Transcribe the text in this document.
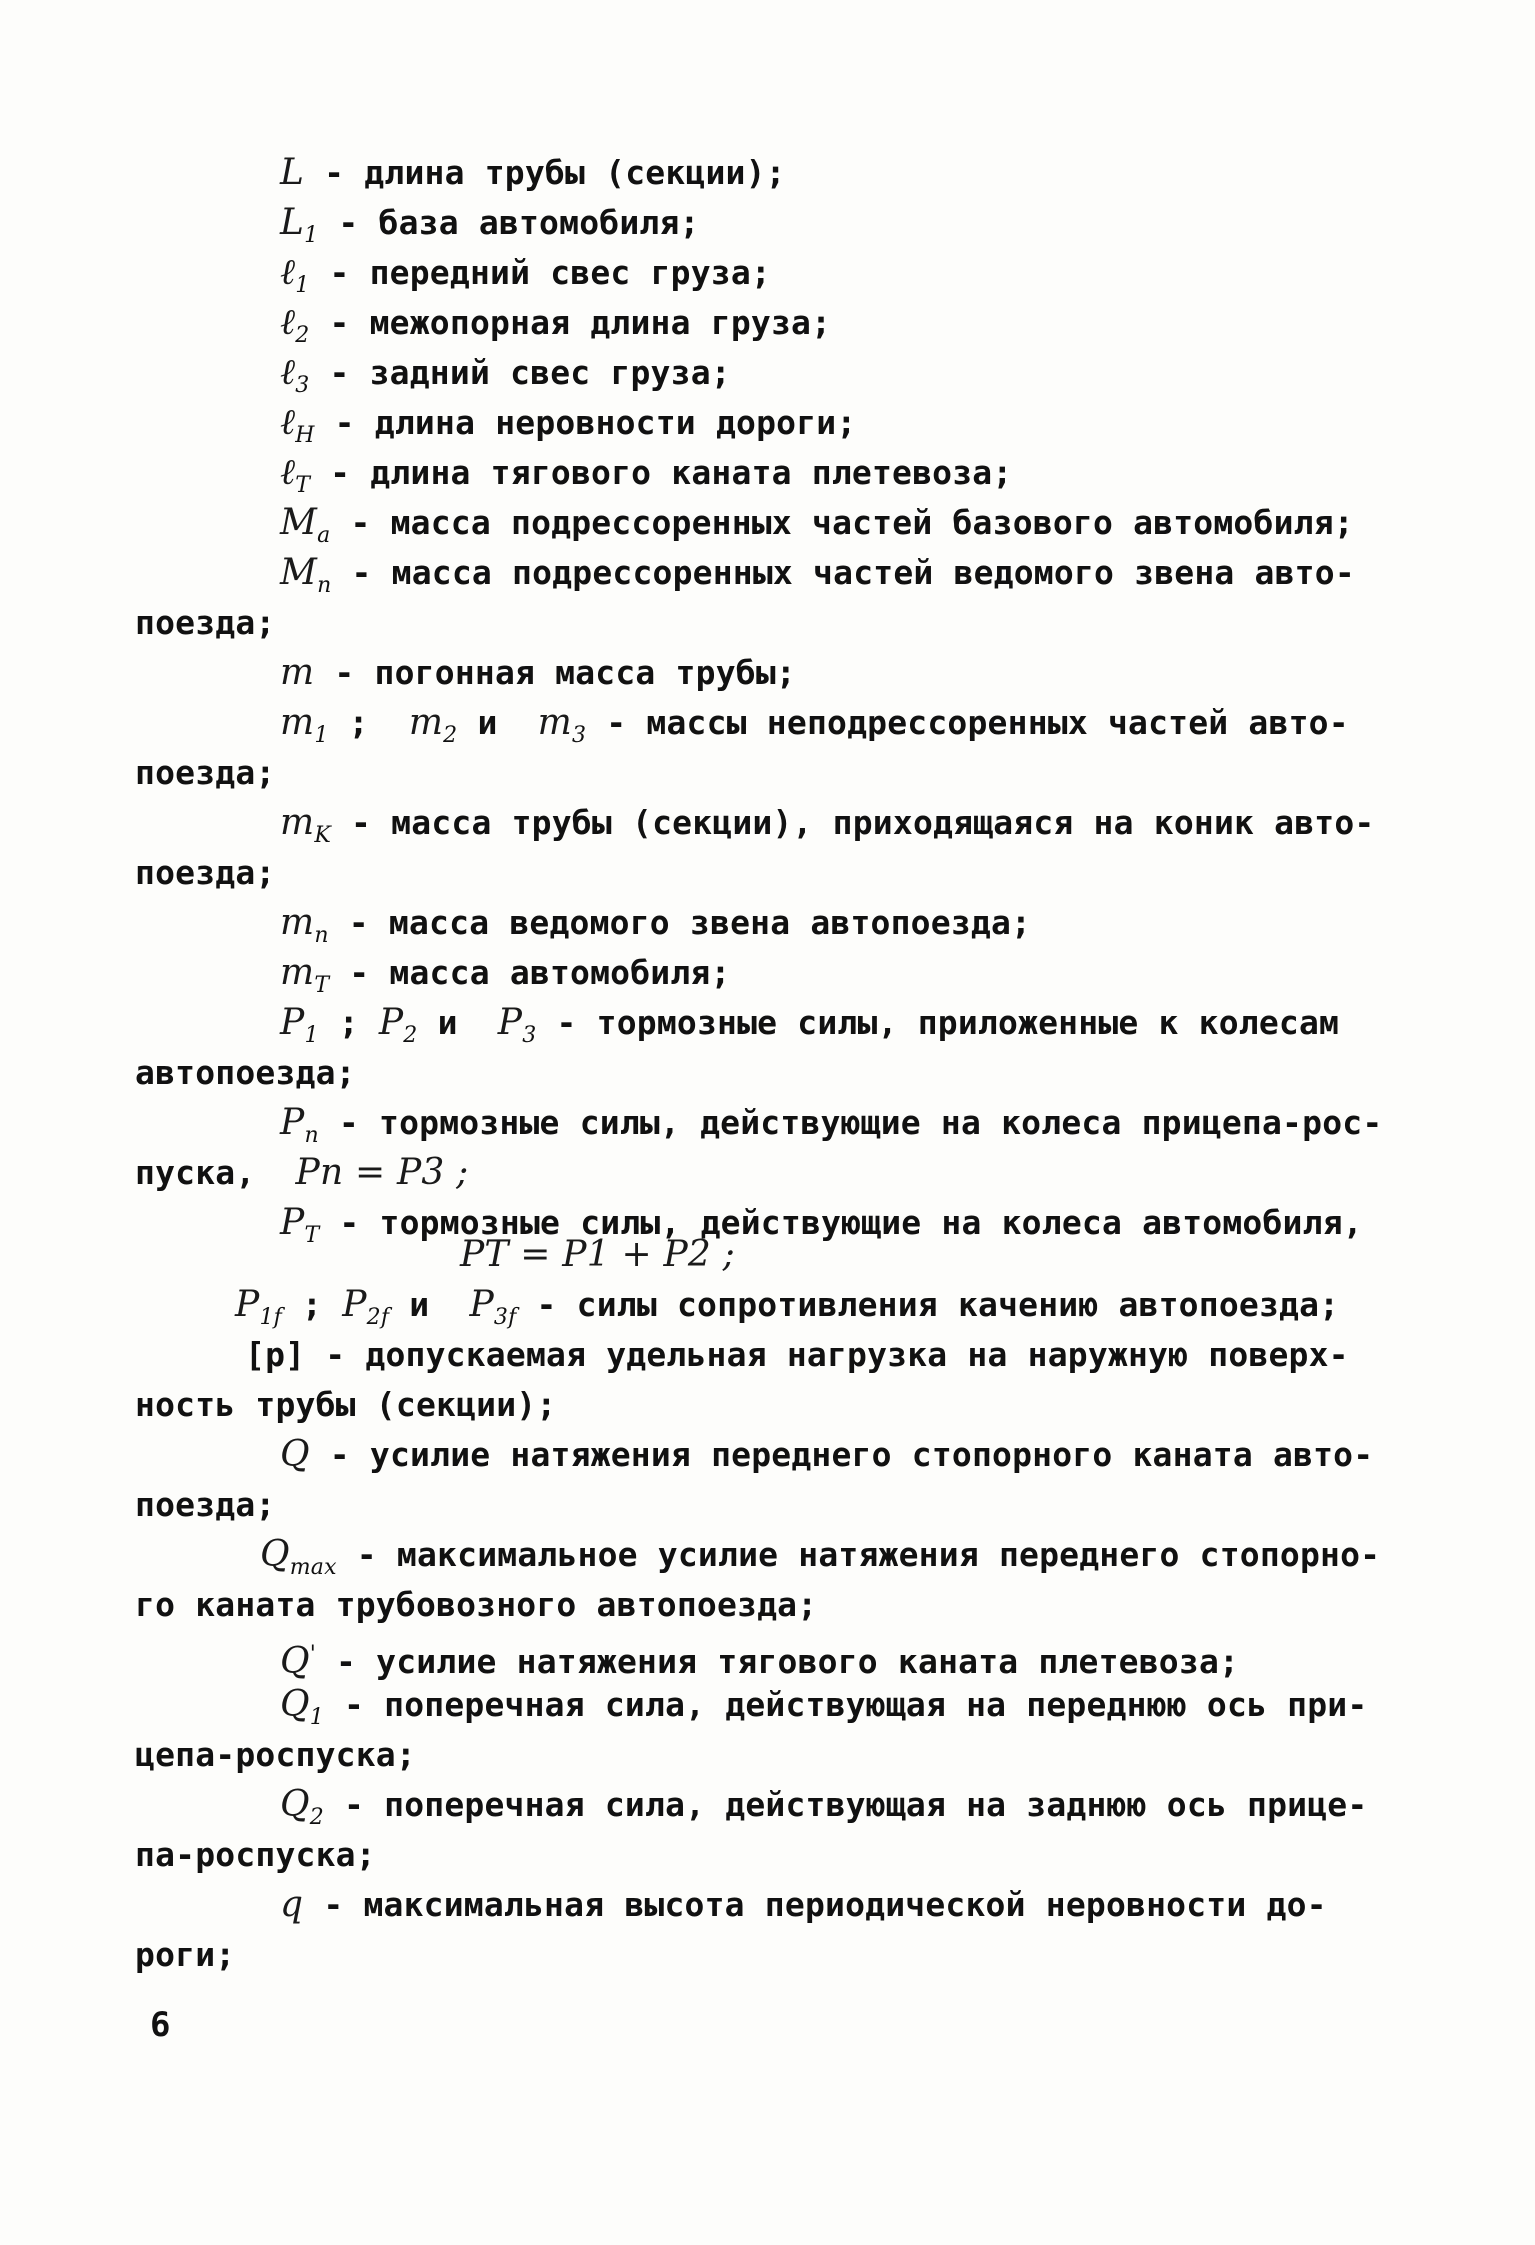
L - длина трубы (секции);
$L_1$ - база автомобиля;
ℓ$_1$ - передний свес груза;
ℓ$_2$ - межопорная длина груза;
ℓ$_3$ - задний свес груза;
ℓ$_H$ - длина неровности дороги;
ℓ$_T$ - длина тягового каната плетевоза;
$M_a$ - масса подрессоренных частей базового автомобиля;
$M_п$ - масса подрессоренных частей ведомого звена авто-
поезда;
m - погонная масса трубы;
$m_1$ ; $m_2$ и  $m_3$ - массы неподрессоренных частей авто-
поезда;
$m_K$ - масса трубы (секции), приходящаяся на коник авто-
поезда;
$m_п$ - масса ведомого звена автопоезда;
$m_T$ - масса автомобиля;
$P_1$ ; $P_2$ и  $P_3$ - тормозные силы, приложенные к колесам
автопоезда;
$P_п$ - тормозные силы, действующие на колеса прицепа-рос-
пуска, Pп = P3 ;
$P_T$ - тормозные силы, действующие на колеса автомобиля,
PT = P1 + P2 ;
$P_{1f}$ ; $P_{2f}$ и  $P_{3f}$ - силы сопротивления качению автопоезда;
[p] - допускаемая удельная нагрузка на наружную поверх-
ность трубы (секции);
Q - усилие натяжения переднего стопорного каната авто-
поезда;
$Q_{max}$ - максимальное усилие натяжения переднего стопорно-
го каната трубовозного автопоезда;
Q' - усилие натяжения тягового каната плетевоза;
$Q_1$ - поперечная сила, действующая на переднюю ось при-
цепа-роспуска;
$Q_2$ - поперечная сила, действующая на заднюю ось прице-
па-роспуска;
q - максимальная высота периодической неровности до-
роги;
6
